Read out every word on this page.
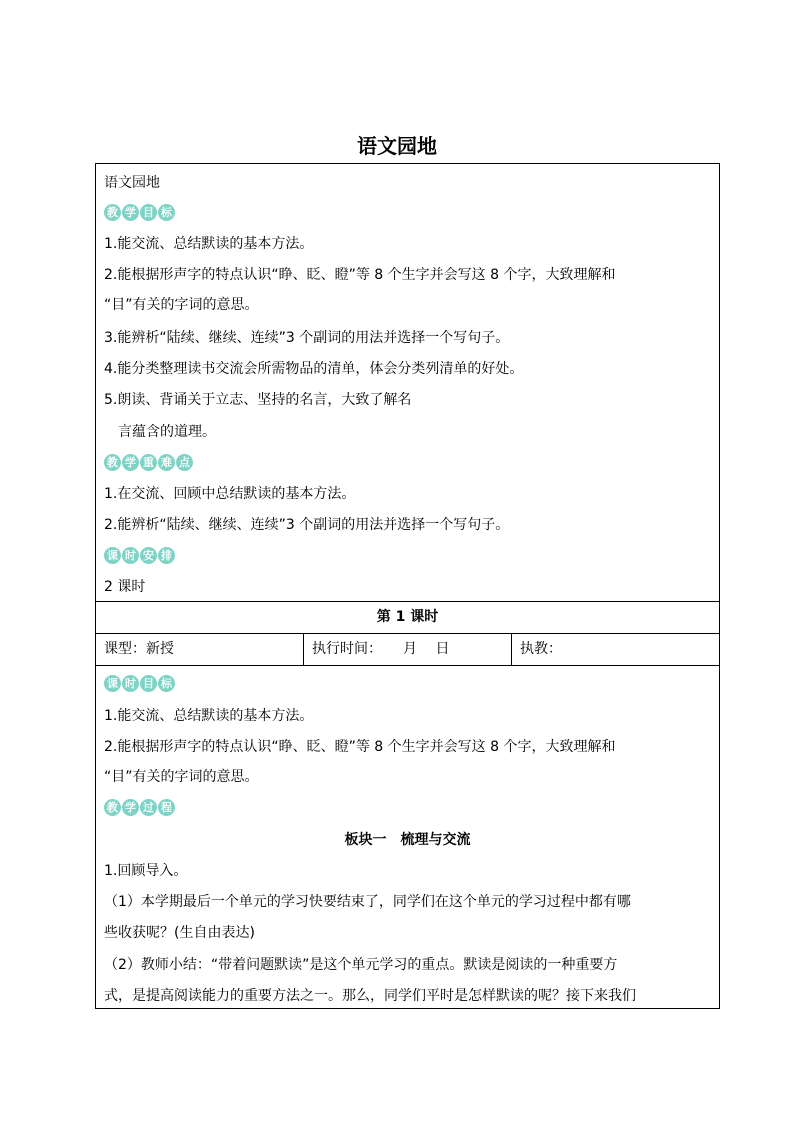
语文园地
语文园地
教 学 目 标
1.能交流、总结默读的基本方法。
2.能根据形声字的特点认识“睁、眨、瞪”等 8 个生字并会写这 8 个字，大致理解和
“目”有关的字词的意思。
3.能辨析“陆续、继续、连续”3 个副词的用法并选择一个写句子。
4.能分类整理读书交流会所需物品的清单，体会分类列清单的好处。
5.朗读、背诵关于立志、坚持的名言，大致了解名
言蕴含的道理。
教 学 重 难 点
1.在交流、回顾中总结默读的基本方法。
2.能辨析“陆续、继续、连续”3 个副词的用法并选择一个写句子。
课 时 安 排
2 课时
第 1 课时
课型：新授	执行时间：　　月　 日	执教：
课 时 目 标
1.能交流、总结默读的基本方法。
2.能根据形声字的特点认识“睁、眨、瞪”等 8 个生字并会写这 8 个字，大致理解和
“目”有关的字词的意思。
教 学 过 程
板块一　梳理与交流
1.回顾导入。
（1）本学期最后一个单元的学习快要结束了，同学们在这个单元的学习过程中都有哪
些收获呢？(生自由表达)
（2）教师小结：“带着问题默读”是这个单元学习的重点。默读是阅读的一种重要方
式，是提高阅读能力的重要方法之一。那么，同学们平时是怎样默读的呢？接下来我们
